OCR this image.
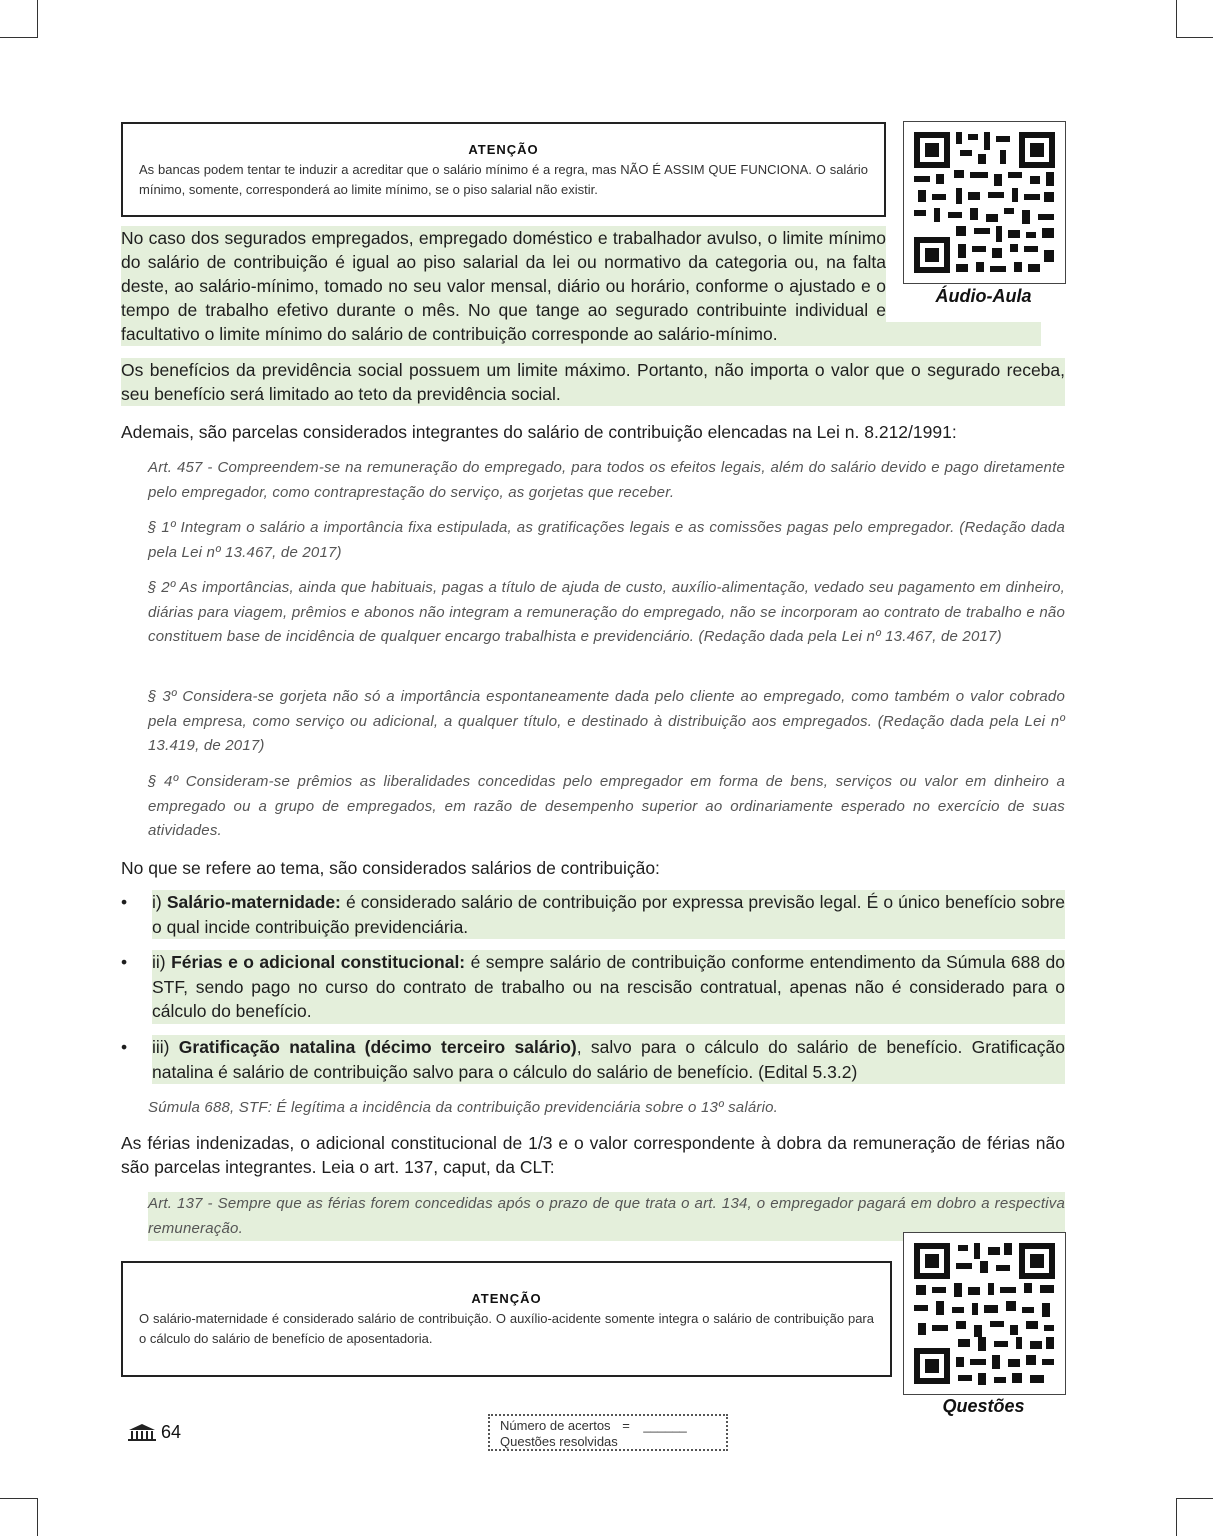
ATENÇÃO
As bancas podem tentar te induzir a acreditar que o salário mínimo é a regra, mas NÃO É ASSIM QUE FUNCIONA. O salário mínimo, somente, corresponderá ao limite mínimo, se o piso salarial não existir.
Áudio-Aula

No caso dos segurados empregados, empregado doméstico e trabalhador avulso, o limite mínimo do salário de contribuição é igual ao piso salarial da lei ou normativo da categoria ou, na falta deste, ao salário-mínimo, tomado no seu valor mensal, diário ou horário, conforme o ajustado e o tempo de trabalho efetivo durante o mês. No que tange ao segurado contribuinte individual e facultativo o limite mínimo do salário de contribuição corresponde ao salário-mínimo.

Os benefícios da previdência social possuem um limite máximo. Portanto, não importa o valor que o segurado receba, seu benefício será limitado ao teto da previdência social.

Ademais, são parcelas considerados integrantes do salário de contribuição elencadas na Lei n. 8.212/1991:

Art. 457 - Compreendem-se na remuneração do empregado, para todos os efeitos legais, além do salário devido e pago diretamente pelo empregador, como contraprestação do serviço, as gorjetas que receber.

§ 1º Integram o salário a importância fixa estipulada, as gratificações legais e as comissões pagas pelo empregador. (Redação dada pela Lei nº 13.467, de 2017)

§ 2º As importâncias, ainda que habituais, pagas a título de ajuda de custo, auxílio-alimentação, vedado seu pagamento em dinheiro, diárias para viagem, prêmios e abonos não integram a remuneração do empregado, não se incorporam ao contrato de trabalho e não constituem base de incidência de qualquer encargo trabalhista e previdenciário. (Redação dada pela Lei nº 13.467, de 2017)

§ 3º Considera-se gorjeta não só a importância espontaneamente dada pelo cliente ao empregado, como também o valor cobrado pela empresa, como serviço ou adicional, a qualquer título, e destinado à distribuição aos empregados. (Redação dada pela Lei nº 13.419, de 2017)

§ 4º Consideram-se prêmios as liberalidades concedidas pelo empregador em forma de bens, serviços ou valor em dinheiro a empregado ou a grupo de empregados, em razão de desempenho superior ao ordinariamente esperado no exercício de suas atividades.

No que se refere ao tema, são considerados salários de contribuição:

• i) Salário-maternidade: é considerado salário de contribuição por expressa previsão legal. É o único benefício sobre o qual incide contribuição previdenciária.

• ii) Férias e o adicional constitucional: é sempre salário de contribuição conforme entendimento da Súmula 688 do STF, sendo pago no curso do contrato de trabalho ou na rescisão contratual, apenas não é considerado para o cálculo do benefício.

• iii) Gratificação natalina (décimo terceiro salário), salvo para o cálculo do salário de benefício. Gratificação natalina é salário de contribuição salvo para o cálculo do salário de benefício. (Edital 5.3.2)

Súmula 688, STF: É legítima a incidência da contribuição previdenciária sobre o 13º salário.

As férias indenizadas, o adicional constitucional de 1/3 e o valor correspondente à dobra da remuneração de férias não são parcelas integrantes. Leia o art. 137, caput, da CLT:

Art. 137 - Sempre que as férias forem concedidas após o prazo de que trata o art. 134, o empregador pagará em dobro a respectiva remuneração.

ATENÇÃO
O salário-maternidade é considerado salário de contribuição. O auxílio-acidente somente integra o salário de contribuição para o cálculo do salário de benefício de aposentadoria.
Questões
64	Número de acertos = ______
Questões resolvidas
